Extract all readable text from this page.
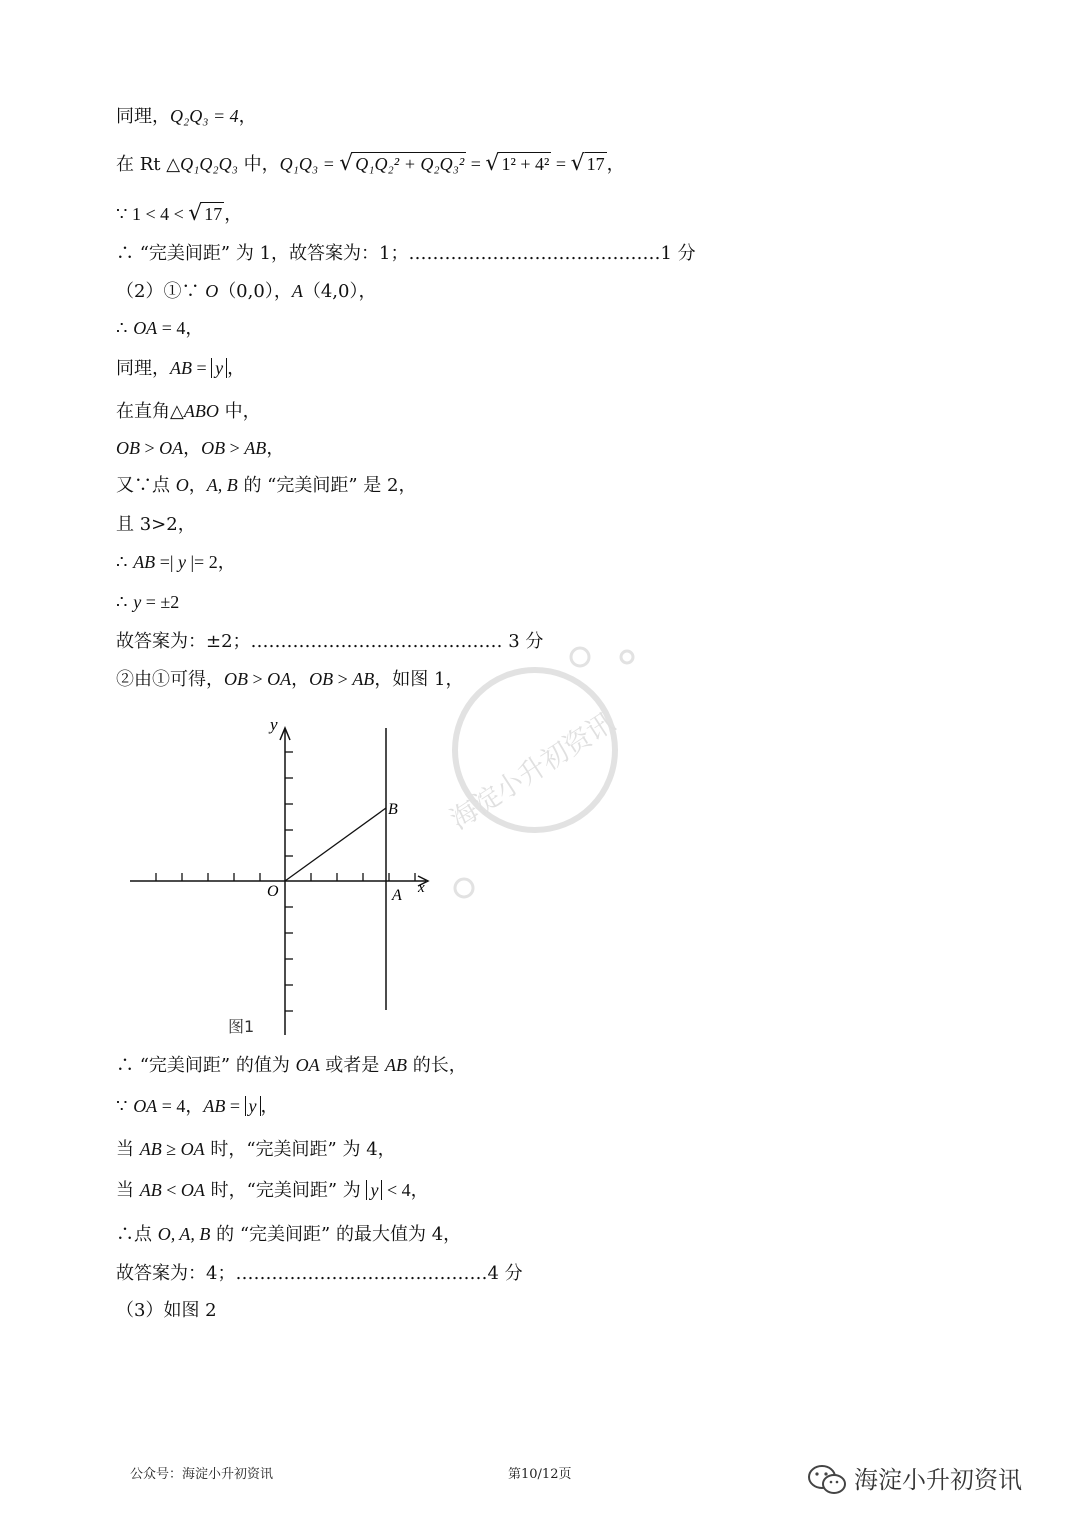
同理，Q₂Q₃ = 4，
在 Rt △Q₁Q₂Q₃ 中，Q₁Q₃ = √ Q₁Q₂² + Q₂Q₃² = √ 1² + 4² = √ 17 ，
∵ 1 < 4 < √ 17 ，
∴ “完美间距” 为 1，故答案为：1；……………………………………1 分
（2）①∵ O（0,0），A（4,0），
∴ OA = 4，
同理，AB = y ，
在直角△ABO 中，
OB > OA，OB > AB，
又∵点 O，A, B 的 “完美间距” 是 2，
且 3>2，
∴ AB =| y |= 2，
∴ y = ±2
故答案为：±2；…………………………………… 3 分
②由①可得，OB > OA，OB > AB，如图 1，
y
x
O	A
B
图1
海淀小升初资讯
∴ “完美间距” 的值为 OA 或者是 AB 的长，
∵ OA = 4，AB = y ，
当 AB ≥ OA 时，“完美间距” 为 4，
当 AB < OA 时，“完美间距” 为 y < 4，
∴点 O, A, B 的 “完美间距” 的最大值为 4，
故答案为：4；……………………………………4 分
（3）如图 2
公众号：海淀小升初资讯	第10/12页	海淀小升初资讯
